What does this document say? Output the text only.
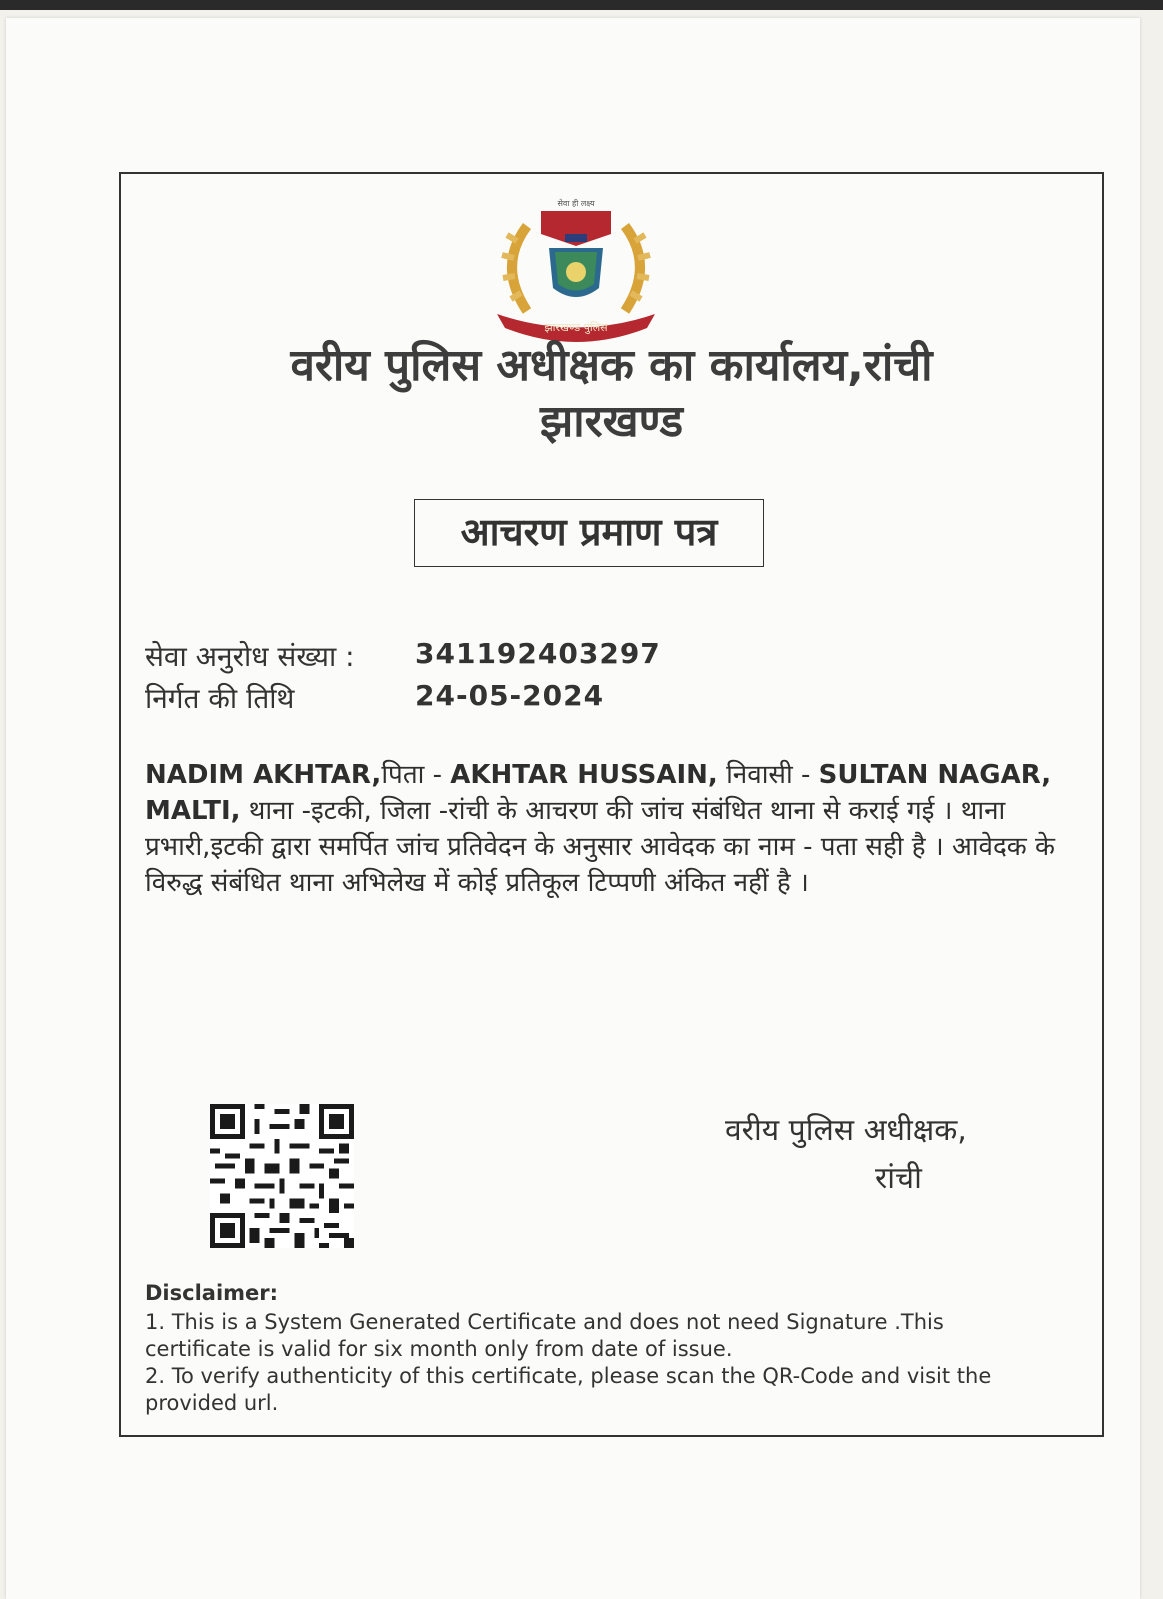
सेवा ही लक्ष्य
झारखण्ड पुलिस
वरीय पुलिस अधीक्षक का कार्यालय,रांची
झारखण्ड
आचरण प्रमाण पत्र
सेवा अनुरोध संख्या : 341192403297
निर्गत की तिथि	24-05-2024
NADIM AKHTAR,पिता - AKHTAR HUSSAIN, निवासी - SULTAN NAGAR, MALTI, थाना -इटकी, जिला -रांची के आचरण की जांच संबंधित थाना से कराई गई । थाना प्रभारी,इटकी द्वारा समर्पित जांच प्रतिवेदन के अनुसार आवेदक का नाम - पता सही है । आवेदक के विरुद्ध संबंधित थाना अभिलेख में कोई प्रतिकूल टिप्पणी अंकित नहीं है ।
वरीय पुलिस अधीक्षक,
रांची
Disclaimer:
1. This is a System Generated Certificate and does not need Signature .This certificate is valid for six month only from date of issue.
2. To verify authenticity of this certificate, please scan the QR-Code and visit the provided url.
